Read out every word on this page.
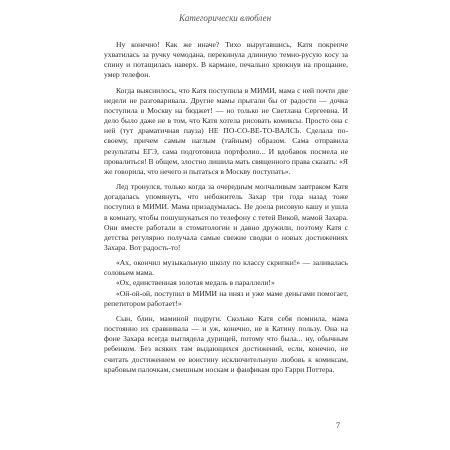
Категорически влюблен

Ну конечно! Как же иначе? Тихо выругавшись, Катя покрепче ухватилась за ручку чемодана, перекинула длинную темно-русую косу за спину и потащилась наверх. В кармане, печально хрюкнув на прощание, умер телефон.

Когда выяснилось, что Катя поступила в МИМИ, мама с ней почти две недели не разговаривала. Другие мамы прыгали бы от радости — дочка поступила в Москву на бюджет! — но только не Светлана Сергеевна. И дело было даже не в том, что Катя хотела рисовать комиксы. Просто она с ней (тут драматичная пауза) НЕ ПО-СО-ВЕ-ТО-ВАЛСЬ. Сделала по-своему, причем самым наглым (тайным) образом. Сама отправила результаты ЕГЭ, сама подготовила портфолио... И вдобавок посмела не провалиться! В общем, злостно лишила мать священного права сказать: «Я же говорила, что нечего и пытаться в Москву поступать».

Лед тронулся, только когда за очередным молчаливым завтраком Катя догадалась упомянуть, что небожитель Захар три года назад тоже поступил в МИМИ. Мама призадумалась. Не доела рисовую кашу и ушла в комнату, чтобы пошушукаться по телефону с тетей Викой, мамой Захара. Они вместе работали в стоматологии и давно дружили, поэтому Катя с детства регулярно получала самые свежие сводки о новых достижениях Захара. Вот радость-то!

«Ах, окончил музыкальную школу по классу скрипки!» — заливалась соловьем мама.

«Ох, единственная золотая медаль в параллели!»

«Ой-ой-ой, поступил в МИМИ на иняз и уже маме деньгами помогает, репетитором работает!»

Сын, блин, маминой подруги. Сколько Катя себя помнила, мама постоянно их сравнивала — и уж, конечно, не в Катину пользу. Она на фоне Захара всегда выглядела дурищей, потому что была... ну, обычным ребенком. Без всяких там выдающихся достижений, если, конечно, не считать достижением ее воистину исключительную любовь к комиксам, крабовым палочкам, смешным носкам и фанфикам про Гарри Поттера.

7
